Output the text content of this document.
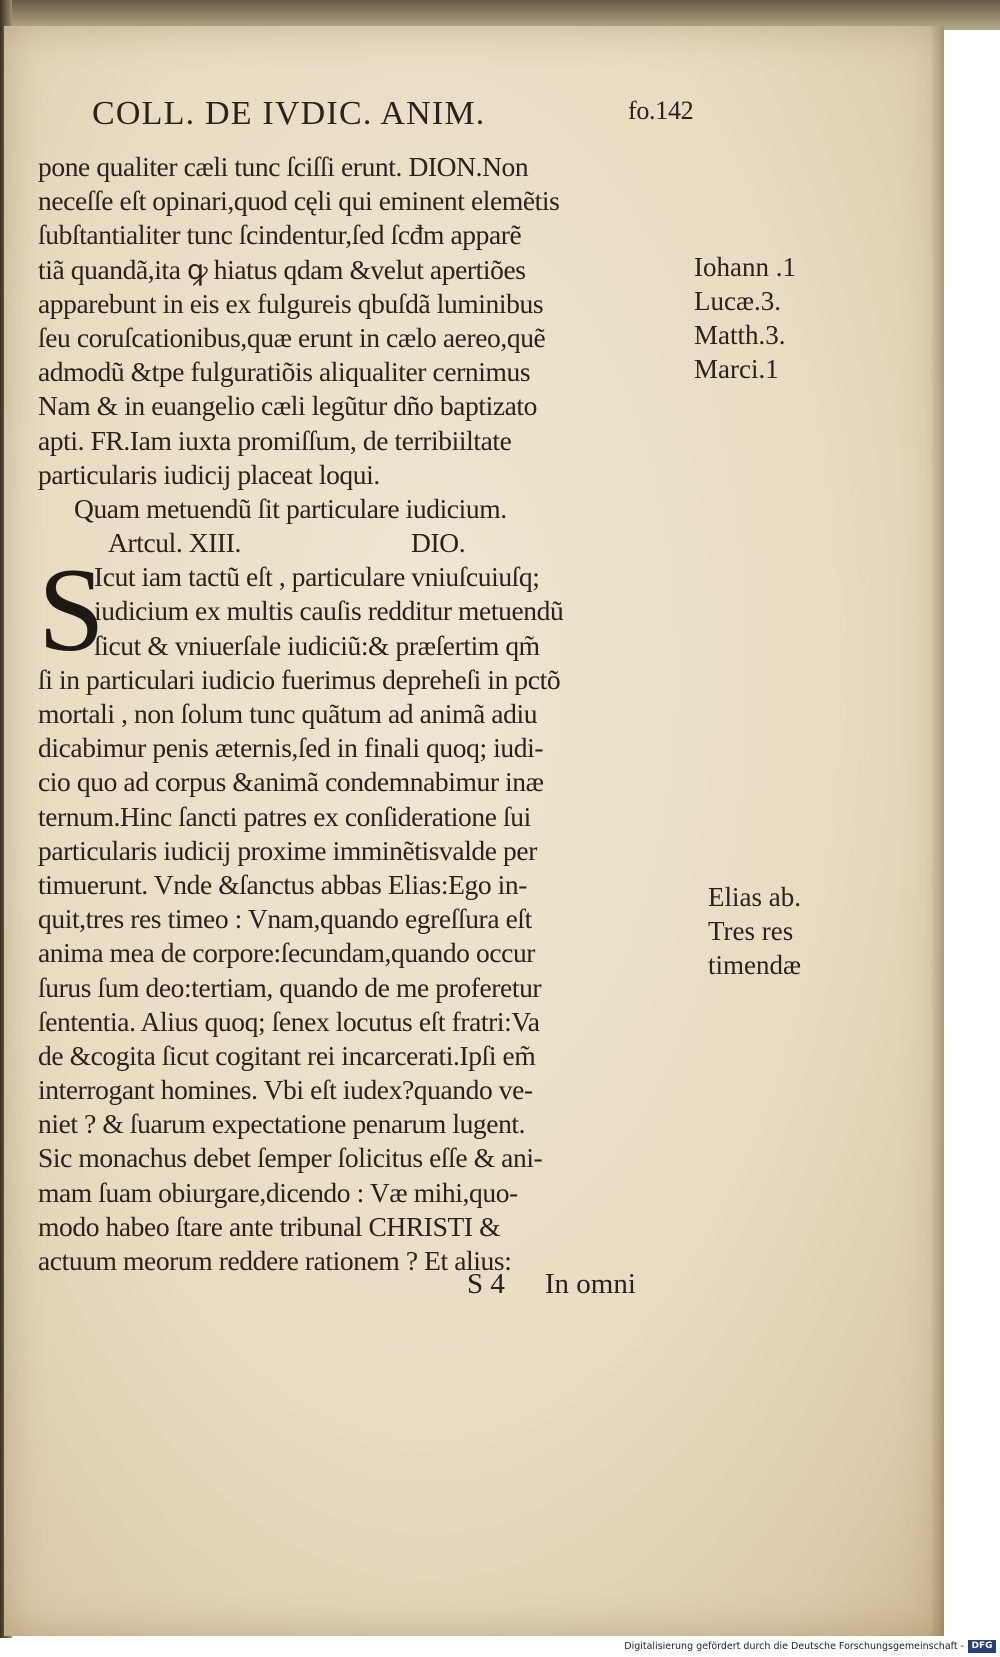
COLL. DE IVDIC. ANIM.	fo.142
pone qualiter cæli tunc ſciſſi erunt. DION.Non
neceſſe eſt opinari,quod cęli qui eminent elemẽtis
ſubſtantialiter tunc ſcindentur,ſed ſcđm apparẽ
tiã quandã,ita ꝙ hiatus qdam &velut apertiões
apparebunt in eis ex fulgureis qbuſdã luminibus
ſeu coruſcationibus,quæ erunt in cælo aereo,quẽ
admodũ &tpe fulguratiõis aliqualiter cernimus
Nam & in euangelio cæli legũtur dño baptizato
apti. FR.Iam iuxta promiſſum, de terribiiltate
particularis iudicij placeat loqui.
Quam metuendũ ſit particulare iudicium.
Artcul. XIII.	DIO.
Icut iam tactũ eſt , particulare vniuſcuiuſq;
iudicium ex multis cauſis redditur metuendũ
ſicut & vniuerſale iudiciũ:& præſertim qm̃
ſi in particulari iudicio fuerimus depreheſi in pctõ
mortali , non ſolum tunc quãtum ad animã adiu
dicabimur penis æternis,ſed in finali quoq; iudi-
cio quo ad corpus &animã condemnabimur inæ
ternum.Hinc ſancti patres ex conſideratione ſui
particularis iudicij proxime imminẽtisvalde per
timuerunt. Vnde &ſanctus abbas Elias:Ego in-
quit,tres res timeo : Vnam,quando egreſſura eſt
anima mea de corpore:ſecundam,quando occur
ſurus ſum deo:tertiam, quando de me proferetur
ſententia. Alius quoq; ſenex locutus eſt fratri:Va
de &cogita ſicut cogitant rei incarcerati.Ipſi em̃
interrogant homines. Vbi eſt iudex?quando ve-
niet ? & ſuarum expectatione penarum lugent.
Sic monachus debet ſemper ſolicitus eſſe & ani-
mam ſuam obiurgare,dicendo : Væ mihi,quo-
modo habeo ſtare ante tribunal CHRISTI &
actuum meorum reddere rationem ? Et alius:
S
Iohann .1
Lucæ.3.
Matth.3.
Marci.1
Elias ab.
Tres res
timendæ
S 4 In omni
Digitalisierung gefördert durch die Deutsche Forschungsgemeinschaft - DFG
